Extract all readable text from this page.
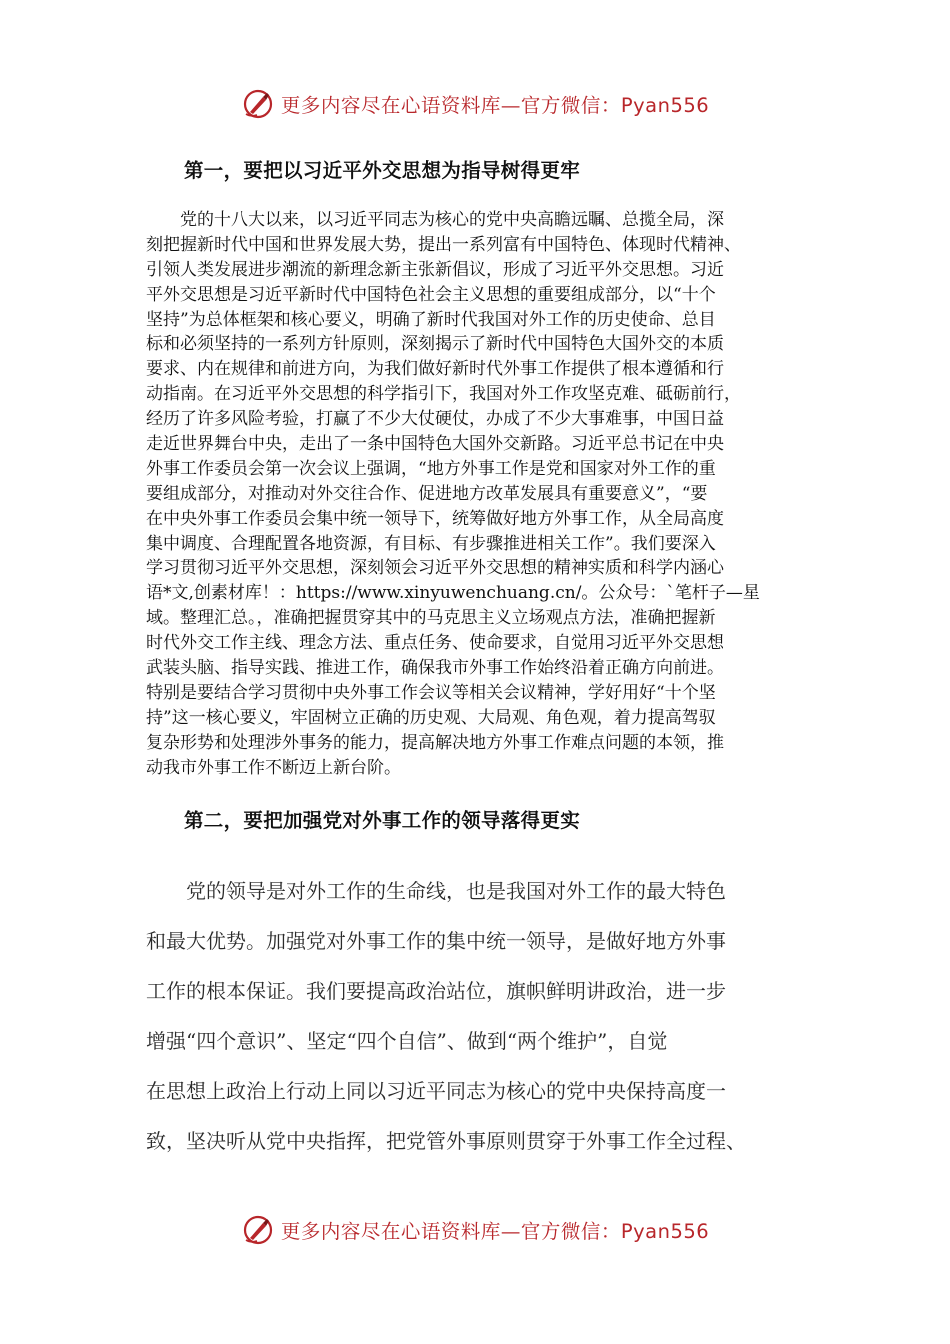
更多内容尽在心语资料库—官方微信：Pyan556
第一，要把以习近平外交思想为指导树得更牢
　　党的十八大以来，以习近平同志为核心的党中央高瞻远瞩、总揽全局，深
刻把握新时代中国和世界发展大势，提出一系列富有中国特色、体现时代精神、
引领人类发展进步潮流的新理念新主张新倡议，形成了习近平外交思想。习近
平外交思想是习近平新时代中国特色社会主义思想的重要组成部分，以“十个
坚持”为总体框架和核心要义，明确了新时代我国对外工作的历史使命、总目
标和必须坚持的一系列方针原则，深刻揭示了新时代中国特色大国外交的本质
要求、内在规律和前进方向，为我们做好新时代外事工作提供了根本遵循和行
动指南。在习近平外交思想的科学指引下，我国对外工作攻坚克难、砥砺前行，
经历了许多风险考验，打赢了不少大仗硬仗，办成了不少大事难事，中国日益
走近世界舞台中央，走出了一条中国特色大国外交新路。习近平总书记在中央
外事工作委员会第一次会议上强调，“地方外事工作是党和国家对外工作的重
要组成部分，对推动对外交往合作、促进地方改革发展具有重要意义”，“要
在中央外事工作委员会集中统一领导下，统筹做好地方外事工作，从全局高度
集中调度、合理配置各地资源，有目标、有步骤推进相关工作”。我们要深入
学习贯彻习近平外交思想，深刻领会习近平外交思想的精神实质和科学内涵心
语*文,创素材库！：https://www.xinyuwenchuang.cn/。公众号：`笔杆子—星
域。整理汇总。，准确把握贯穿其中的马克思主义立场观点方法，准确把握新
时代外交工作主线、理念方法、重点任务、使命要求，自觉用习近平外交思想
武装头脑、指导实践、推进工作，确保我市外事工作始终沿着正确方向前进。
特别是要结合学习贯彻中央外事工作会议等相关会议精神，学好用好“十个坚
持”这一核心要义，牢固树立正确的历史观、大局观、角色观，着力提高驾驭
复杂形势和处理涉外事务的能力，提高解决地方外事工作难点问题的本领，推
动我市外事工作不断迈上新台阶。
第二，要把加强党对外事工作的领导落得更实
　　党的领导是对外工作的生命线，也是我国对外工作的最大特色
和最大优势。加强党对外事工作的集中统一领导，是做好地方外事
工作的根本保证。我们要提高政治站位，旗帜鲜明讲政治，进一步
增强“四个意识”、坚定“四个自信”、做到“两个维护”，自觉
在思想上政治上行动上同以习近平同志为核心的党中央保持高度一
致，坚决听从党中央指挥，把党管外事原则贯穿于外事工作全过程、
更多内容尽在心语资料库—官方微信：Pyan556
